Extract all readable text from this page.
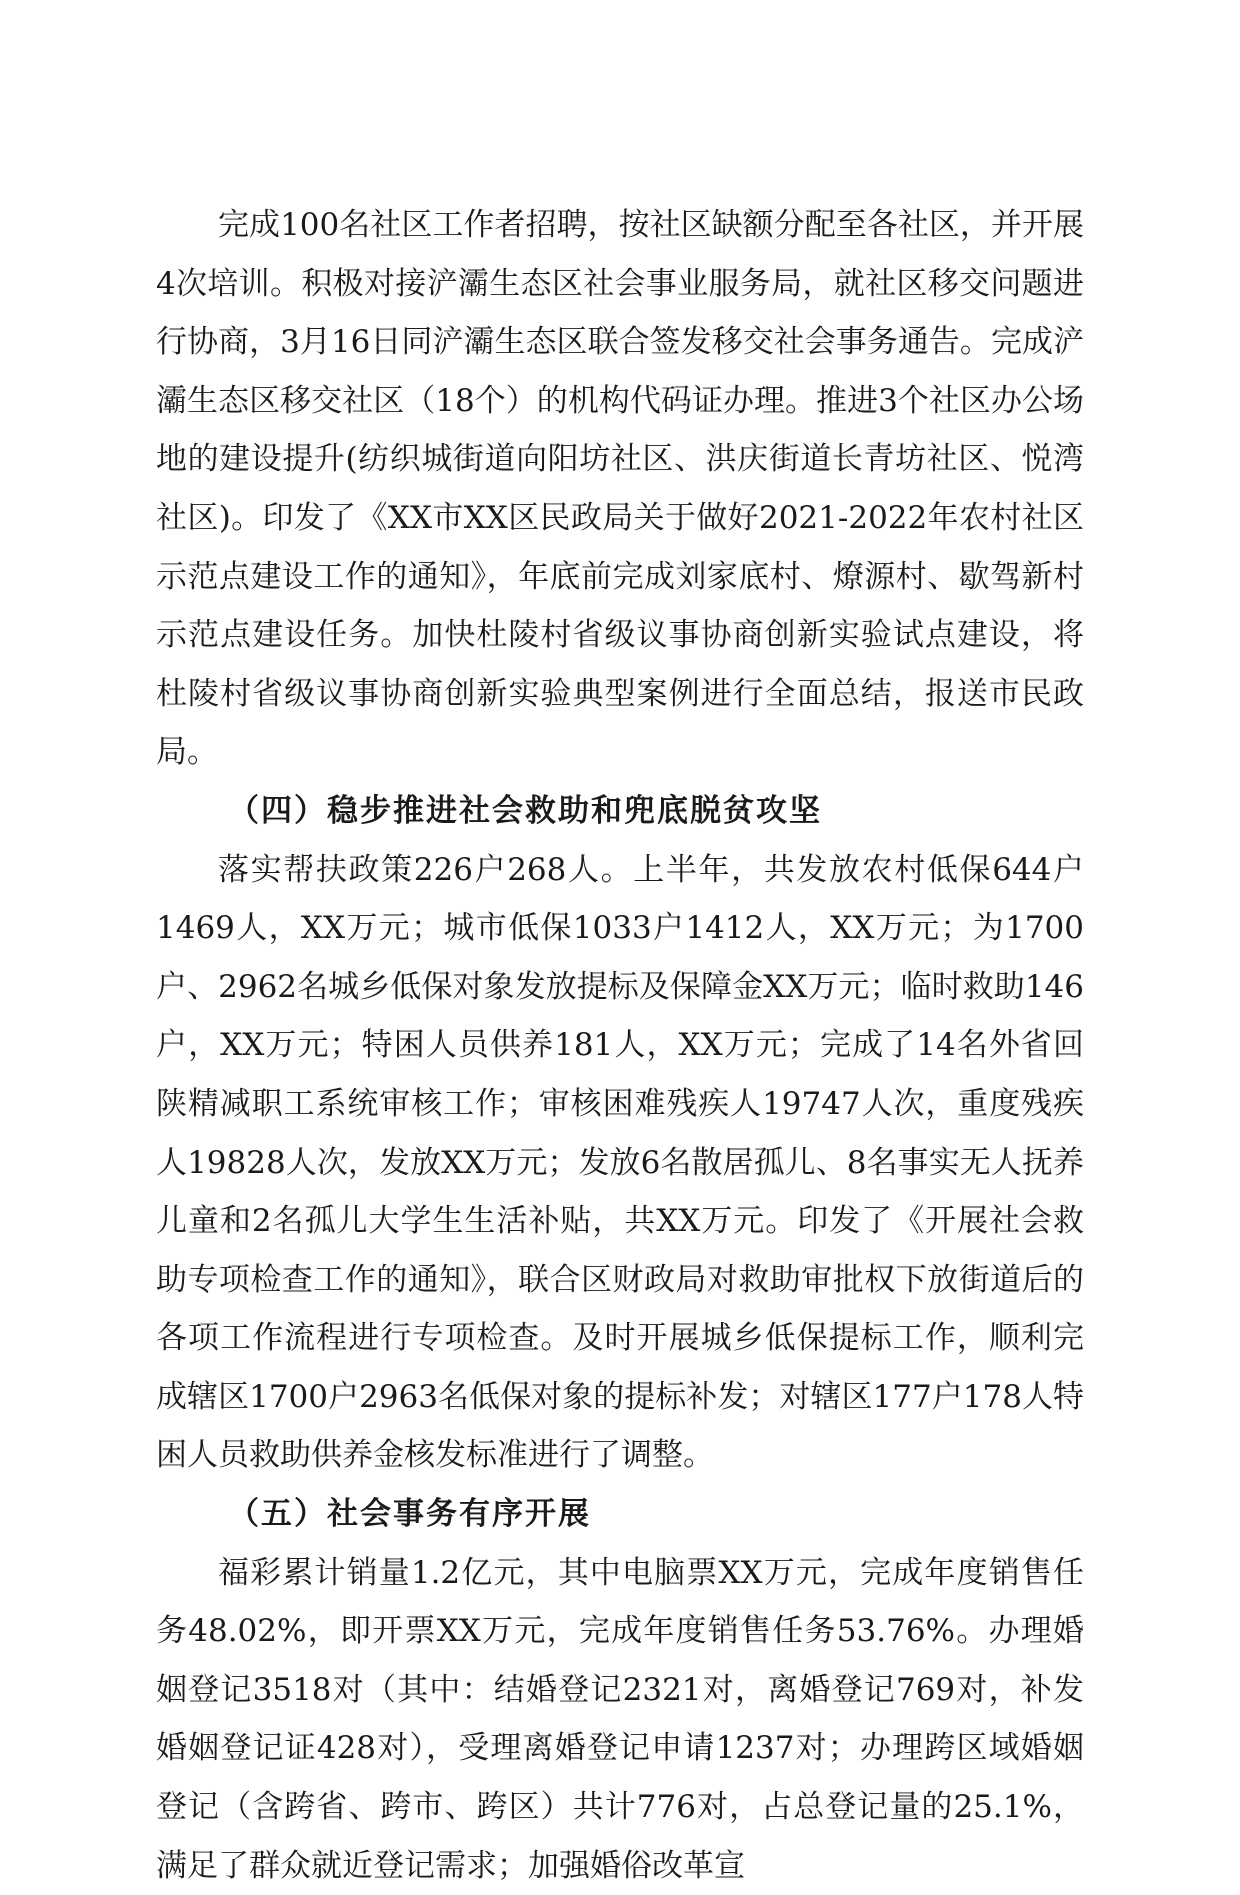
完成100名社区工作者招聘，按社区缺额分配至各社区，并开展4次培训。积极对接浐灞生态区社会事业服务局，就社区移交问题进行协商，3月16日同浐灞生态区联合签发移交社会事务通告。完成浐灞生态区移交社区（18个）的机构代码证办理。推进3个社区办公场地的建设提升(纺织城街道向阳坊社区、洪庆街道长青坊社区、悦湾社区)。印发了《XX市XX区民政局关于做好2021-2022年农村社区示范点建设工作的通知》，年底前完成刘家底村、燎源村、歇驾新村示范点建设任务。加快杜陵村省级议事协商创新实验试点建设，将杜陵村省级议事协商创新实验典型案例进行全面总结，报送市民政局。

（四）稳步推进社会救助和兜底脱贫攻坚

落实帮扶政策226户268人。上半年，共发放农村低保644户1469人，XX万元；城市低保1033户1412人，XX万元；为1700户、2962名城乡低保对象发放提标及保障金XX万元；临时救助146户，XX万元；特困人员供养181人，XX万元；完成了14名外省回陕精减职工系统审核工作；审核困难残疾人19747人次，重度残疾人19828人次，发放XX万元；发放6名散居孤儿、8名事实无人抚养儿童和2名孤儿大学生生活补贴，共XX万元。印发了《开展社会救助专项检查工作的通知》，联合区财政局对救助审批权下放街道后的各项工作流程进行专项检查。及时开展城乡低保提标工作，顺利完成辖区1700户2963名低保对象的提标补发；对辖区177户178人特困人员救助供养金核发标准进行了调整。

（五）社会事务有序开展

福彩累计销量1.2亿元，其中电脑票XX万元，完成年度销售任务48.02%，即开票XX万元，完成年度销售任务53.76%。办理婚姻登记3518对（其中：结婚登记2321对，离婚登记769对，补发婚姻登记证428对），受理离婚登记申请1237对；办理跨区域婚姻登记（含跨省、跨市、跨区）共计776对，占总登记量的25.1%，满足了群众就近登记需求；加强婚俗改革宣
